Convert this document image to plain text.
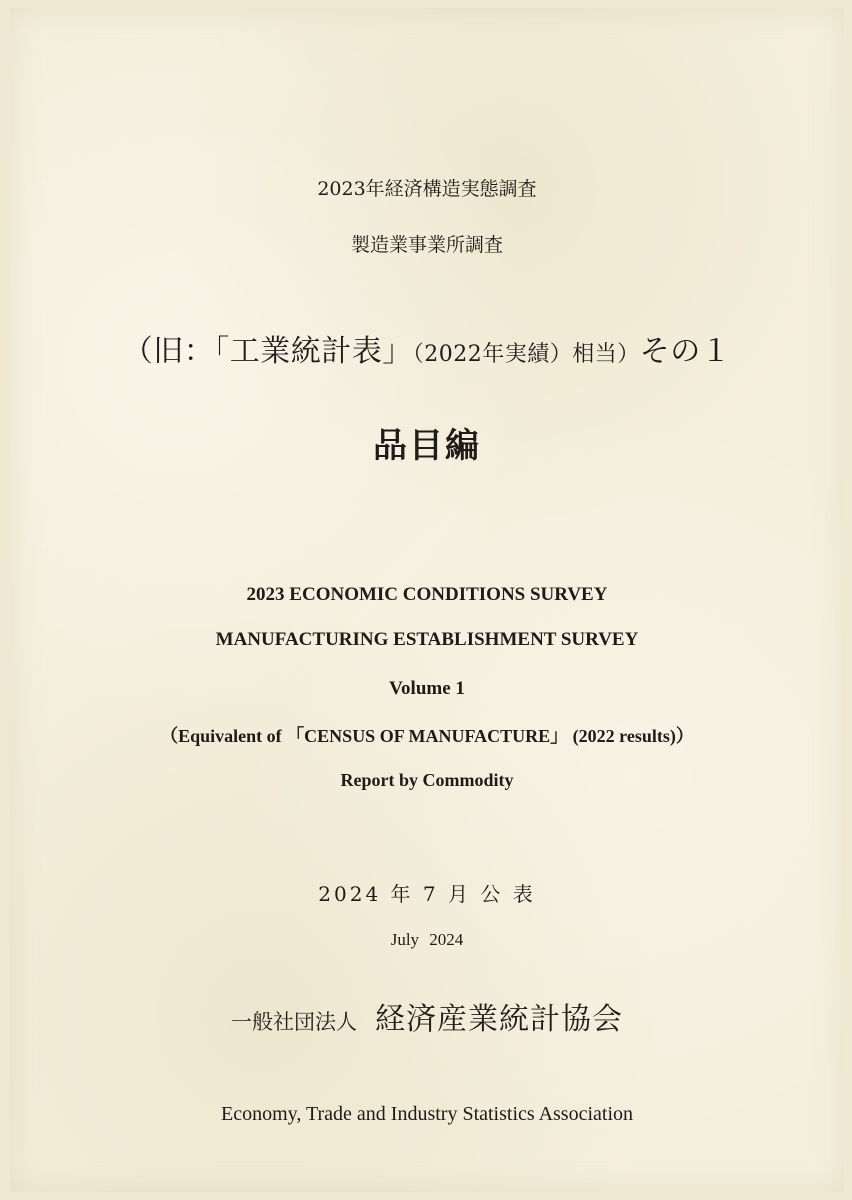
2023年経済構造実態調査
製造業事業所調査
（旧：「工業統計表」（2022年実績）相当）その１
品目編
2023 ECONOMIC CONDITIONS SURVEY
MANUFACTURING ESTABLISHMENT SURVEY
Volume 1
（Equivalent of 「CENSUS OF MANUFACTURE」 (2022 results)）
Report by Commodity
2024 年 7 月 公 表
July 2024
一般社団法人 経済産業統計協会
Economy, Trade and Industry Statistics Association
